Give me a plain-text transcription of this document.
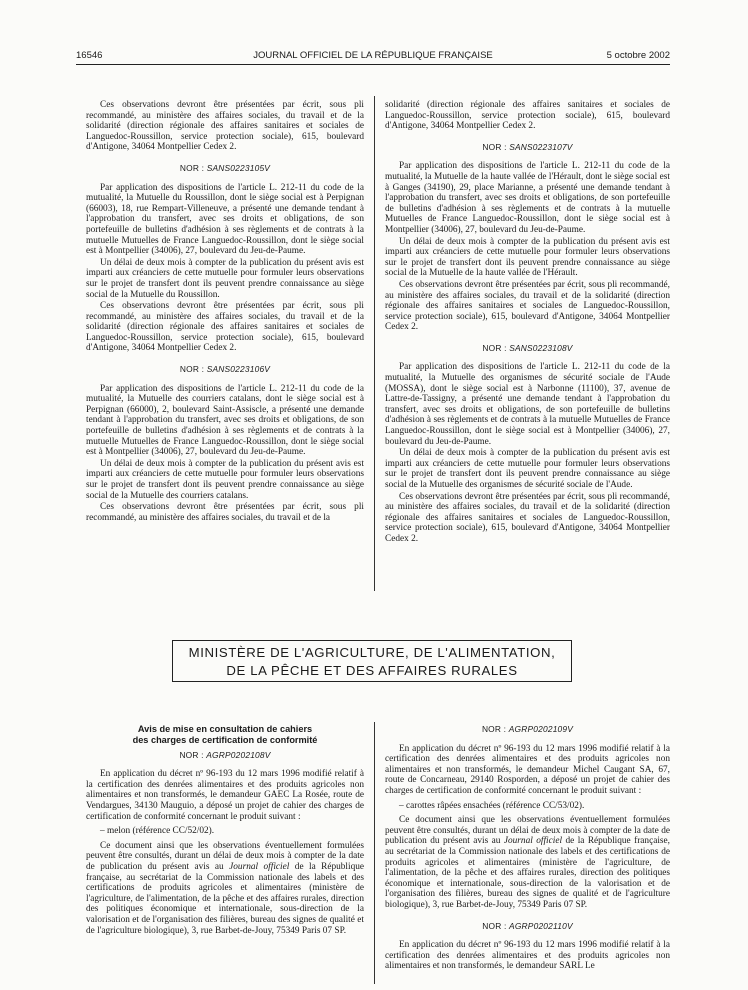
16546	JOURNAL OFFICIEL DE LA RÉPUBLIQUE FRANÇAISE	5 octobre 2002

Ces observations devront être présentées par écrit, sous pli recommandé, au ministère des affaires sociales, du travail et de la solidarité (direction régionale des affaires sanitaires et sociales de Languedoc-Roussillon, service protection sociale), 615, boulevard d'Antigone, 34064 Montpellier Cedex 2.

NOR : SANS0223105V

Par application des dispositions de l'article L. 212-11 du code de la mutualité, la Mutuelle du Roussillon, dont le siège social est à Perpignan (66003), 18, rue Rempart-Villeneuve, a présenté une demande tendant à l'approbation du transfert, avec ses droits et obligations, de son portefeuille de bulletins d'adhésion à ses règlements et de contrats à la mutuelle Mutuelles de France Languedoc-Roussillon, dont le siège social est à Montpellier (34006), 27, boulevard du Jeu-de-Paume.

Un délai de deux mois à compter de la publication du présent avis est imparti aux créanciers de cette mutuelle pour formuler leurs observations sur le projet de transfert dont ils peuvent prendre connaissance au siège social de la Mutuelle du Roussillon.

Ces observations devront être présentées par écrit, sous pli recommandé, au ministère des affaires sociales, du travail et de la solidarité (direction régionale des affaires sanitaires et sociales de Languedoc-Roussillon, service protection sociale), 615, boulevard d'Antigone, 34064 Montpellier Cedex 2.

NOR : SANS0223106V

Par application des dispositions de l'article L. 212-11 du code de la mutualité, la Mutuelle des courriers catalans, dont le siège social est à Perpignan (66000), 2, boulevard Saint-Assiscle, a présenté une demande tendant à l'approbation du transfert, avec ses droits et obligations, de son portefeuille de bulletins d'adhésion à ses règlements et de contrats à la mutuelle Mutuelles de France Languedoc-Roussillon, dont le siège social est à Montpellier (34006), 27, boulevard du Jeu-de-Paume.

Un délai de deux mois à compter de la publication du présent avis est imparti aux créanciers de cette mutuelle pour formuler leurs observations sur le projet de transfert dont ils peuvent prendre connaissance au siège social de la Mutuelle des courriers catalans.

Ces observations devront être présentées par écrit, sous pli recommandé, au ministère des affaires sociales, du travail et de la

solidarité (direction régionale des affaires sanitaires et sociales de Languedoc-Roussillon, service protection sociale), 615, boulevard d'Antigone, 34064 Montpellier Cedex 2.

NOR : SANS0223107V

Par application des dispositions de l'article L. 212-11 du code de la mutualité, la Mutuelle de la haute vallée de l'Hérault, dont le siège social est à Ganges (34190), 29, place Marianne, a présenté une demande tendant à l'approbation du transfert, avec ses droits et obligations, de son portefeuille de bulletins d'adhésion à ses règlements et de contrats à la mutuelle Mutuelles de France Languedoc-Roussillon, dont le siège social est à Montpellier (34006), 27, boulevard du Jeu-de-Paume.

Un délai de deux mois à compter de la publication du présent avis est imparti aux créanciers de cette mutuelle pour formuler leurs observations sur le projet de transfert dont ils peuvent prendre connaissance au siège social de la Mutuelle de la haute vallée de l'Hérault.

Ces observations devront être présentées par écrit, sous pli recommandé, au ministère des affaires sociales, du travail et de la solidarité (direction régionale des affaires sanitaires et sociales de Languedoc-Roussillon, service protection sociale), 615, boulevard d'Antigone, 34064 Montpellier Cedex 2.

NOR : SANS0223108V

Par application des dispositions de l'article L. 212-11 du code de la mutualité, la Mutuelle des organismes de sécurité sociale de l'Aude (MOSSA), dont le siège social est à Narbonne (11100), 37, avenue de Lattre-de-Tassigny, a présenté une demande tendant à l'approbation du transfert, avec ses droits et obligations, de son portefeuille de bulletins d'adhésion à ses règlements et de contrats à la mutuelle Mutuelles de France Languedoc-Roussillon, dont le siège social est à Montpellier (34006), 27, boulevard du Jeu-de-Paume.

Un délai de deux mois à compter de la publication du présent avis est imparti aux créanciers de cette mutuelle pour formuler leurs observations sur le projet de transfert dont ils peuvent prendre connaissance au siège social de la Mutuelle des organismes de sécurité sociale de l'Aude.

Ces observations devront être présentées par écrit, sous pli recommandé, au ministère des affaires sociales, du travail et de la solidarité (direction régionale des affaires sanitaires et sociales de Languedoc-Roussillon, service protection sociale), 615, boulevard d'Antigone, 34064 Montpellier Cedex 2.

MINISTÈRE DE L'AGRICULTURE, DE L'ALIMENTATION,
DE LA PÊCHE ET DES AFFAIRES RURALES
Avis de mise en consultation de cahiers
des charges de certification de conformité
NOR : AGRP0202108V

En application du décret nº 96-193 du 12 mars 1996 modifié relatif à la certification des denrées alimentaires et des produits agricoles non alimentaires et non transformés, le demandeur GAEC La Rosée, route de Vendargues, 34130 Mauguio, a déposé un projet de cahier des charges de certification de conformité concernant le produit suivant :

– melon (référence CC/52/02).

Ce document ainsi que les observations éventuellement formulées peuvent être consultés, durant un délai de deux mois à compter de la date de publication du présent avis au Journal officiel de la République française, au secrétariat de la Commission nationale des labels et des certifications de produits agricoles et alimentaires (ministère de l'agriculture, de l'alimentation, de la pêche et des affaires rurales, direction des politiques économique et internationale, sous-direction de la valorisation et de l'organisation des filières, bureau des signes de qualité et de l'agriculture biologique), 3, rue Barbet-de-Jouy, 75349 Paris 07 SP.

NOR : AGRP0202109V

En application du décret nº 96-193 du 12 mars 1996 modifié relatif à la certification des denrées alimentaires et des produits agricoles non alimentaires et non transformés, le demandeur Michel Caugant SA, 67, route de Concarneau, 29140 Rosporden, a déposé un projet de cahier des charges de certification de conformité concernant le produit suivant :

– carottes râpées ensachées (référence CC/53/02).

Ce document ainsi que les observations éventuellement formulées peuvent être consultés, durant un délai de deux mois à compter de la date de publication du présent avis au Journal officiel de la République française, au secrétariat de la Commission nationale des labels et des certifications de produits agricoles et alimentaires (ministère de l'agriculture, de l'alimentation, de la pêche et des affaires rurales, direction des politiques économique et internationale, sous-direction de la valorisation et de l'organisation des filières, bureau des signes de qualité et de l'agriculture biologique), 3, rue Barbet-de-Jouy, 75349 Paris 07 SP.

NOR : AGRP0202110V

En application du décret nº 96-193 du 12 mars 1996 modifié relatif à la certification des denrées alimentaires et des produits agricoles non alimentaires et non transformés, le demandeur SARL Le
